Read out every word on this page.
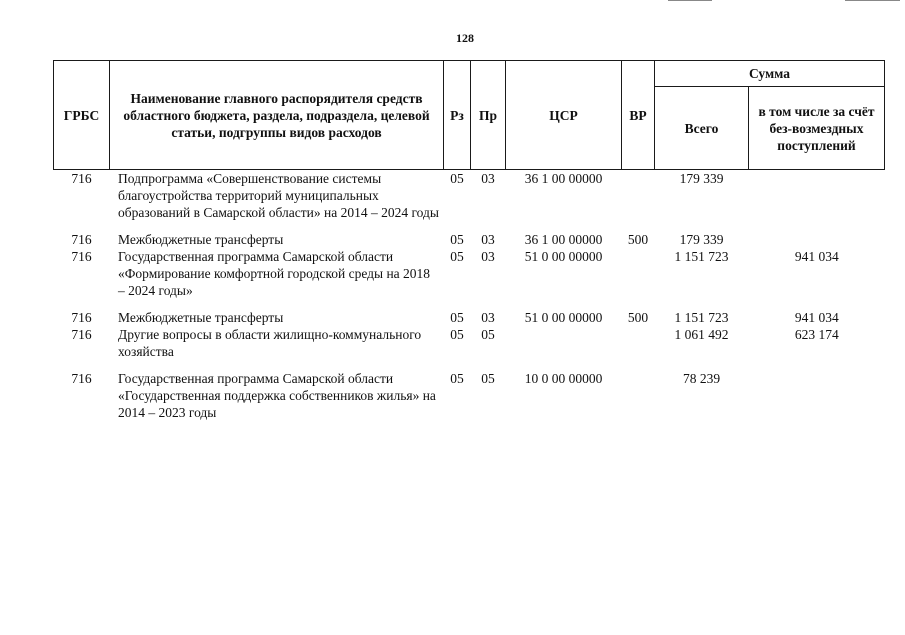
128
ГРБС	Наименование главного распорядителя средств областного бюджета, раздела, подраздела, целевой статьи, подгруппы видов расходов	Рз	Пр	ЦСР	ВР	Сумма	
						Всего	в том числе за счёт без-возмездных поступлений
716	Подпрограмма «Совершенствование системы благоустройства территорий муниципальных образований в Самарской области» на 2014 – 2024 годы	05	03	36 1 00 00000		179 339	

716	Межбюджетные трансферты	05	03	36 1 00 00000	500	179 339	
716	Государственная программа Самарской области «Формирование комфортной городской среды на 2018 – 2024 годы»	05	03	51 0 00 00000		1 151 723	941 034

716	Межбюджетные трансферты	05	03	51 0 00 00000	500	1 151 723	941 034
716	Другие вопросы в области жилищно-коммунального хозяйства	05	05			1 061 492	623 174

716	Государственная программа Самарской области «Государственная поддержка собственников жилья» на 2014 – 2023 годы	05	05	10 0 00 00000		78 239	
